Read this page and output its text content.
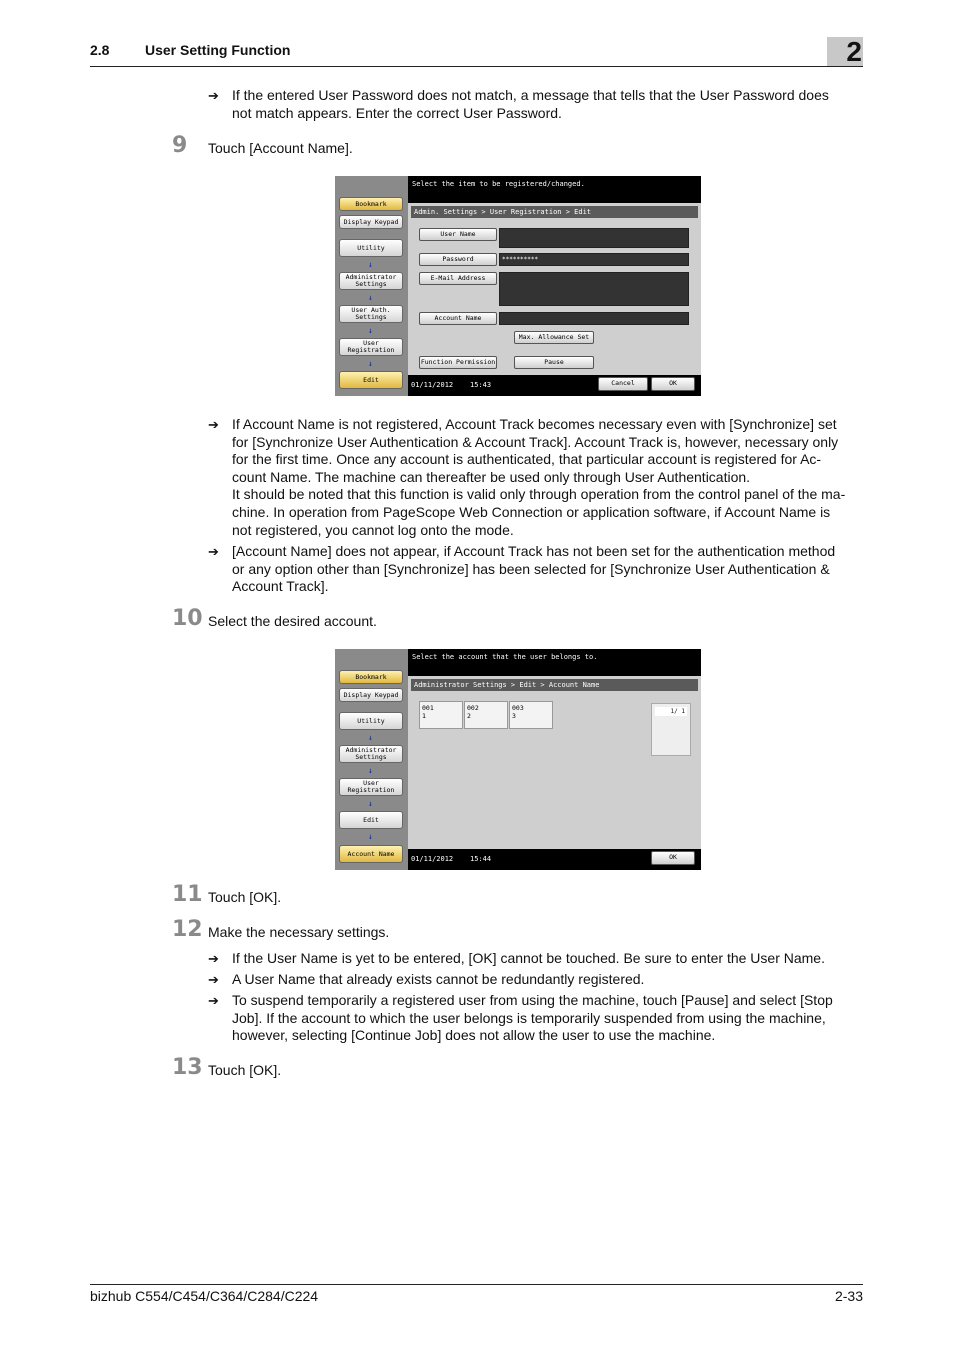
2.8	User Setting Function	2
➔ If the entered User Password does not match, a message that tells that the User Password does
not match appears. Enter the correct User Password.
9 Touch [Account Name].
Bookmark
Display Keypad
Utility
↓
Administrator Settings
↓
User Auth. Settings
↓
User Registration
↓
Edit
Select the item to be registered/changed.
Admin. Settings > User Registration > Edit
User Name
Password	**********
E-Mail Address
Account Name
Max. Allowance Set
Function Permission	Pause
01/11/2012 15:43	Cancel	OK
➔ If Account Name is not registered, Account Track becomes necessary even with [Synchronize] set
for [Synchronize User Authentication & Account Track]. Account Track is, however, necessary only
for the first time. Once any account is authenticated, that particular account is registered for Ac-
count Name. The machine can thereafter be used only through User Authentication.
It should be noted that this function is valid only through operation from the control panel of the ma-
chine. In operation from PageScope Web Connection or application software, if Account Name is
not registered, you cannot log onto the mode.
➔ [Account Name] does not appear, if Account Track has not been set for the authentication method
or any option other than [Synchronize] has been selected for [Synchronize User Authentication &
Account Track].
10 Select the desired account.
Bookmark
Display Keypad
Utility
↓
Administrator Settings
↓
User Registration
↓
Edit
↓
Account Name
Select the account that the user belongs to.
Administrator Settings > Edit > Account Name
001
1
002
2
003
3
1/ 1
01/11/2012 15:44	OK
11 Touch [OK].
12 Make the necessary settings.
➔ If the User Name is yet to be entered, [OK] cannot be touched. Be sure to enter the User Name.
➔ A User Name that already exists cannot be redundantly registered.
➔ To suspend temporarily a registered user from using the machine, touch [Pause] and select [Stop
Job]. If the account to which the user belongs is temporarily suspended from using the machine,
however, selecting [Continue Job] does not allow the user to use the machine.
13 Touch [OK].
bizhub C554/C454/C364/C284/C224	2-33
